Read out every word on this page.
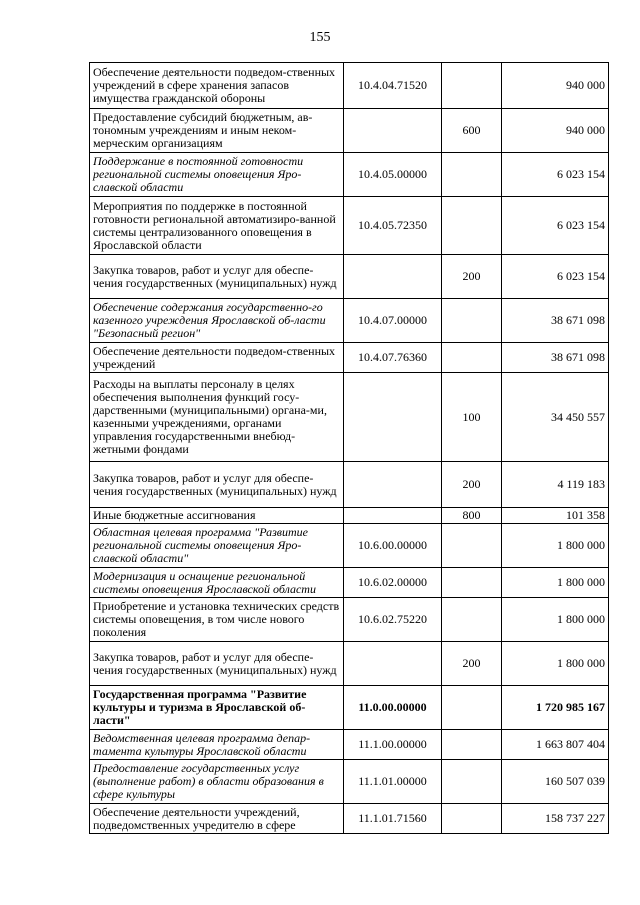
155
Обеспечение деятельности подведом-ственных учреждений в сфере хранения запасов имущества гражданской обороны	10.4.04.71520		940 000
Предоставление субсидий бюджетным, ав-тономным учреждениям и иным неком-мерческим организациям		600	940 000
Поддержание в постоянной готовности региональной системы оповещения Яро-славской области	10.4.05.00000		6 023 154
Мероприятия по поддержке в постоянной готовности региональной автоматизиро-ванной системы централизованного оповещения в Ярославской области	10.4.05.72350		6 023 154
Закупка товаров, работ и услуг для обеспе-чения государственных (муниципальных) нужд		200	6 023 154
Обеспечение содержания государственно-го казенного учреждения Ярославской об-ласти "Безопасный регион"	10.4.07.00000		38 671 098
Обеспечение деятельности подведом-ственных учреждений	10.4.07.76360		38 671 098
Расходы на выплаты персоналу в целях обеспечения выполнения функций госу-дарственными (муниципальными) органа-ми, казенными учреждениями, органами управления государственными внебюд-жетными фондами		100	34 450 557
Закупка товаров, работ и услуг для обеспе-чения государственных (муниципальных) нужд		200	4 119 183
Иные бюджетные ассигнования		800	101 358
Областная целевая программа "Развитие региональной системы оповещения Яро-славской области"	10.6.00.00000		1 800 000
Модернизация и оснащение региональной системы оповещения Ярославской области	10.6.02.00000		1 800 000
Приобретение и установка технических средств системы оповещения, в том числе нового поколения	10.6.02.75220		1 800 000
Закупка товаров, работ и услуг для обеспе-чения государственных (муниципальных) нужд		200	1 800 000
Государственная программа "Развитие культуры и туризма в Ярославской об-ласти"	11.0.00.00000		1 720 985 167
Ведомственная целевая программа депар-тамента культуры Ярославской области	11.1.00.00000		1 663 807 404
Предоставление государственных услуг (выполнение работ) в области образования в сфере культуры	11.1.01.00000		160 507 039
Обеспечение деятельности учреждений, подведомственных учредителю в сфере	11.1.01.71560		158 737 227
